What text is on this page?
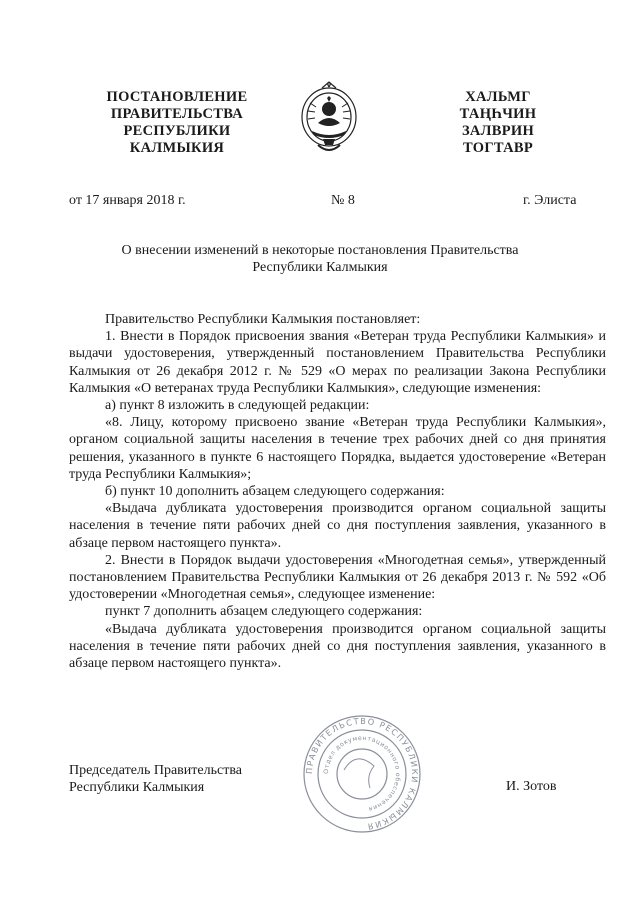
ПОСТАНОВЛЕНИЕ
ПРАВИТЕЛЬСТВА
РЕСПУБЛИКИ
КАЛМЫКИЯ
ХАЛЬМГ
ТАҢҺЧИН
ЗАЛВРИН
ТОГТАВР
от 17 января 2018 г.	№ 8	г. Элиста
О внесении изменений в некоторые постановления Правительства
Республики Калмыкия

Правительство Республики Калмыкия постановляет:

1. Внести в Порядок присвоения звания «Ветеран труда Республики Калмыкия» и выдачи удостоверения, утвержденный постановлением Правительства Республики Калмыкия от 26 декабря 2012 г. № 529 «О мерах по реализации Закона Республики Калмыкия «О ветеранах труда Республики Калмыкия», следующие изменения:

а) пункт 8 изложить в следующей редакции:

«8. Лицу, которому присвоено звание «Ветеран труда Республики Калмыкия», органом социальной защиты населения в течение трех рабочих дней со дня принятия решения, указанного в пункте 6 настоящего Порядка, выдается удостоверение «Ветеран труда Республики Калмыкия»;

б) пункт 10 дополнить абзацем следующего содержания:

«Выдача дубликата удостоверения производится органом социальной защиты населения в течение пяти рабочих дней со дня поступления заявления, указанного в абзаце первом настоящего пункта».

2. Внести в Порядок выдачи удостоверения «Многодетная семья», утвержденный постановлением Правительства Республики Калмыкия от 26 декабря 2013 г. № 592 «Об удостоверении «Многодетная семья», следующее изменение:

пункт 7 дополнить абзацем следующего содержания:

«Выдача дубликата удостоверения производится органом социальной защиты населения в течение пяти рабочих дней со дня поступления заявления, указанного в абзаце первом настоящего пункта».

Председатель Правительства
Республики Калмыкия	И. Зотов
ПРАВИТЕЛЬСТВО РЕСПУБЛИКИ КАЛМЫКИЯ
Отдел документационного обеспечения
